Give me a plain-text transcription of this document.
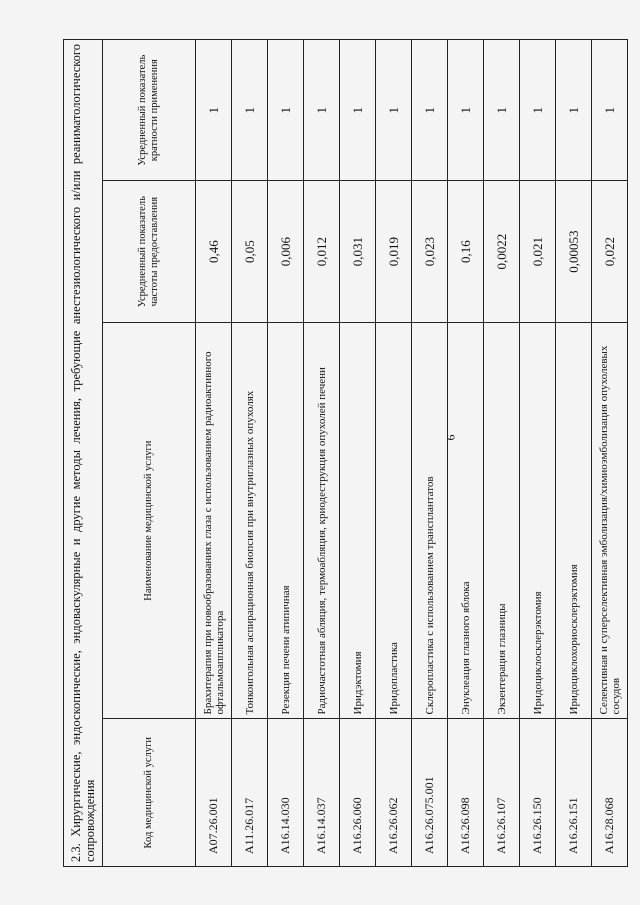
6
2.3. Хирургические, эндоскопические, эндоваскулярные и другие методы лечения, требующие анестезиологического и/или реаниматологического сопровождения			
Код медицинской услуги	Наименование медицинской услуги	Усредненный показатель частоты предоставления	Усредненный показатель кратности применения
A07.26.001	Брахитерапия при новообразованиях глаза с использованием радиоактивного офтальмоаппликатора	0,46	1
A11.26.017	Тонкоигольная аспирационная биопсия при внутриглазных опухолях	0,05	1
A16.14.030	Резекция печени атипичная	0,006	1
A16.14.037	Радиочастотная абляция, термоабляция, криодеструкция опухолей печени	0,012	1
A16.26.060	Иридэктомия	0,031	1
A16.26.062	Иридопластика	0,019	1
A16.26.075.001	Склеропластика с использованием трансплантатов	0,023	1
A16.26.098	Энуклеация глазного яблока	0,16	1
A16.26.107	Экзентерация глазницы	0,0022	1
A16.26.150	Иридоциклосклерэктомия	0,021	1
A16.26.151	Иридоциклохориосклерэктомия	0,00053	1
A16.28.068	Селективная и суперселективная эмболизация/химиоэмболизация опухолевых сосудов	0,022	1
